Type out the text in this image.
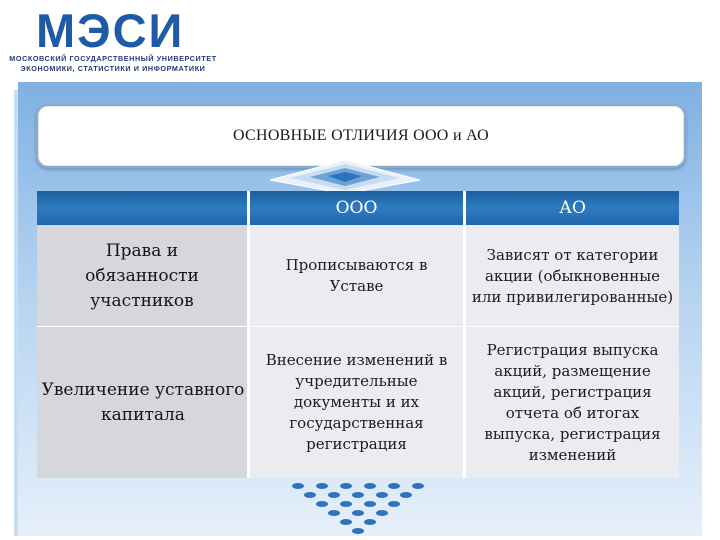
МЭСИ
МОСКОВСКИЙ ГОСУДАРСТВЕННЫЙ УНИВЕРСИТЕТ
ЭКОНОМИКИ, СТАТИСТИКИ И ИНФОРМАТИКИ
ОСНОВНЫЕ ОТЛИЧИЯ ООО и АО
ООО	АО
Права и обязанности участников
Прописываются в Уставе
Зависят от категории акции (обыкновенные или привилегированные)
Увеличение уставного капитала
Внесение изменений в учредительные документы и их государственная регистрация
Регистрация выпуска акций, размещение акций, регистрация отчета об итогах выпуска, регистрация изменений
